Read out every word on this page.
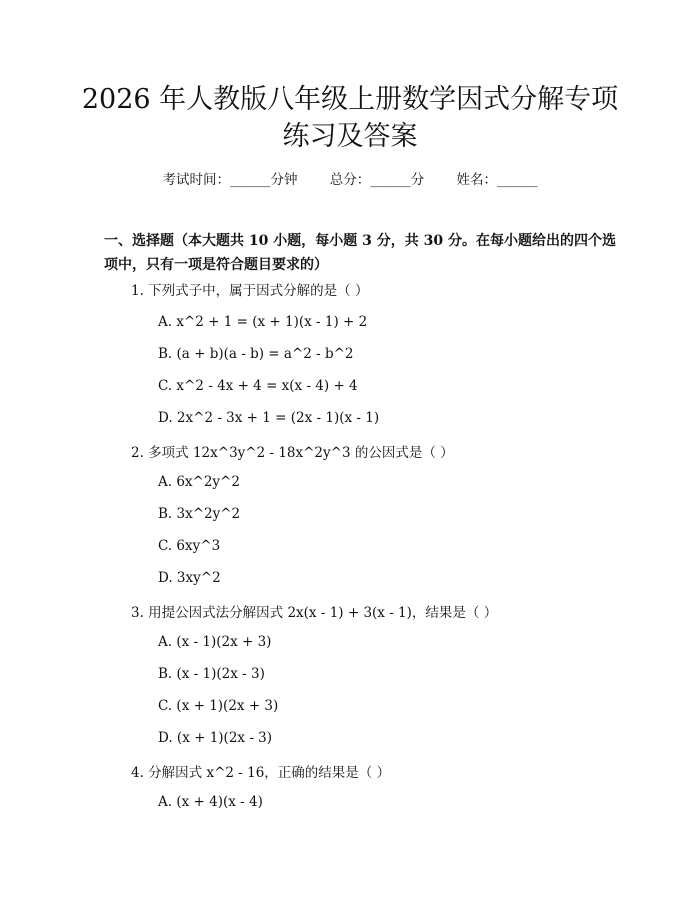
2026 年人教版八年级上册数学因式分解专项
练习及答案
考试时间：______分钟 总分：______分 姓名：______
一、选择题（本大题共 10 小题，每小题 3 分，共 30 分。在每小题给出的四个选项中，只有一项是符合题目要求的）
1. 下列式子中，属于因式分解的是（ ）
A. x^2 + 1 = (x + 1)(x - 1) + 2
B. (a + b)(a - b) = a^2 - b^2
C. x^2 - 4x + 4 = x(x - 4) + 4
D. 2x^2 - 3x + 1 = (2x - 1)(x - 1)
2. 多项式 12x^3y^2 - 18x^2y^3 的公因式是（ ）
A. 6x^2y^2
B. 3x^2y^2
C. 6xy^3
D. 3xy^2
3. 用提公因式法分解因式 2x(x - 1) + 3(x - 1)，结果是（ ）
A. (x - 1)(2x + 3)
B. (x - 1)(2x - 3)
C. (x + 1)(2x + 3)
D. (x + 1)(2x - 3)
4. 分解因式 x^2 - 16，正确的结果是（ ）
A. (x + 4)(x - 4)
